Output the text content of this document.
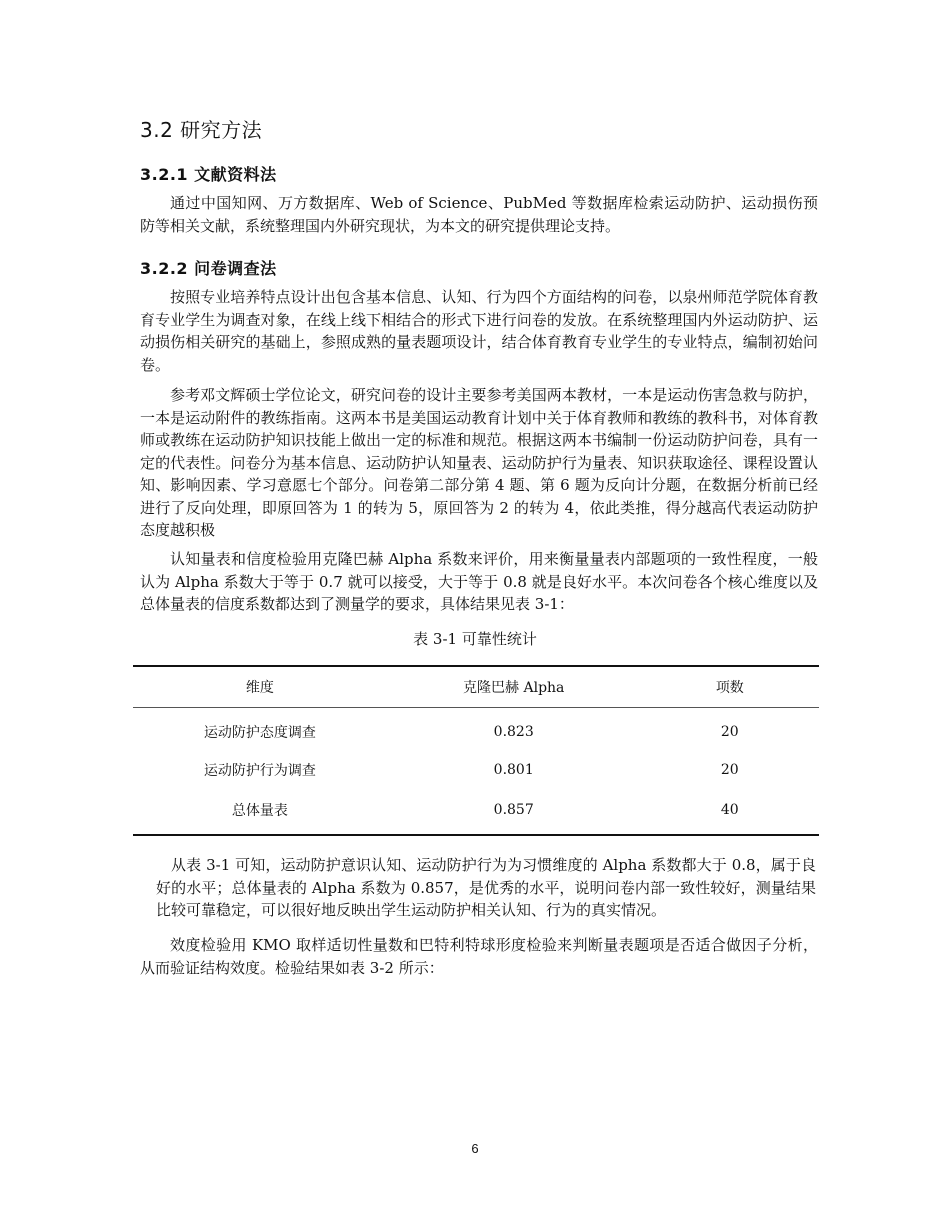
3.2 研究方法
3.2.1 文献资料法

通过中国知网、万方数据库、Web of Science、PubMed 等数据库检索运动防护、运动损伤预防等相关文献，系统整理国内外研究现状，为本文的研究提供理论支持。

3.2.2 问卷调查法

按照专业培养特点设计出包含基本信息、认知、行为四个方面结构的问卷，以泉州师范学院体育教育专业学生为调查对象，在线上线下相结合的形式下进行问卷的发放。在系统整理国内外运动防护、运动损伤相关研究的基础上，参照成熟的量表题项设计，结合体育教育专业学生的专业特点，编制初始问卷。

参考邓文辉硕士学位论文，研究问卷的设计主要参考美国两本教材，一本是运动伤害急救与防护，一本是运动附件的教练指南。这两本书是美国运动教育计划中关于体育教师和教练的教科书，对体育教师或教练在运动防护知识技能上做出一定的标准和规范。根据这两本书编制一份运动防护问卷，具有一定的代表性。问卷分为基本信息、运动防护认知量表、运动防护行为量表、知识获取途径、课程设置认知、影响因素、学习意愿七个部分。问卷第二部分第 4 题、第 6 题为反向计分题，在数据分析前已经进行了反向处理，即原回答为 1 的转为 5，原回答为 2 的转为 4，依此类推，得分越高代表运动防护态度越积极

认知量表和信度检验用克隆巴赫 Alpha 系数来评价，用来衡量量表内部题项的一致性程度，一般认为 Alpha 系数大于等于 0.7 就可以接受，大于等于 0.8 就是良好水平。本次问卷各个核心维度以及总体量表的信度系数都达到了测量学的要求，具体结果见表 3-1：

表 3-1 可靠性统计

维度	克隆巴赫 Alpha	项数
运动防护态度调查	0.823	20
运动防护行为调查	0.801	20
总体量表	0.857	40

从表 3-1 可知，运动防护意识认知、运动防护行为为习惯维度的 Alpha 系数都大于 0.8，属于良好的水平；总体量表的 Alpha 系数为 0.857，是优秀的水平，说明问卷内部一致性较好，测量结果比较可靠稳定，可以很好地反映出学生运动防护相关认知、行为的真实情况。

效度检验用 KMO 取样适切性量数和巴特利特球形度检验来判断量表题项是否适合做因子分析，从而验证结构效度。检验结果如表 3-2 所示：

6
